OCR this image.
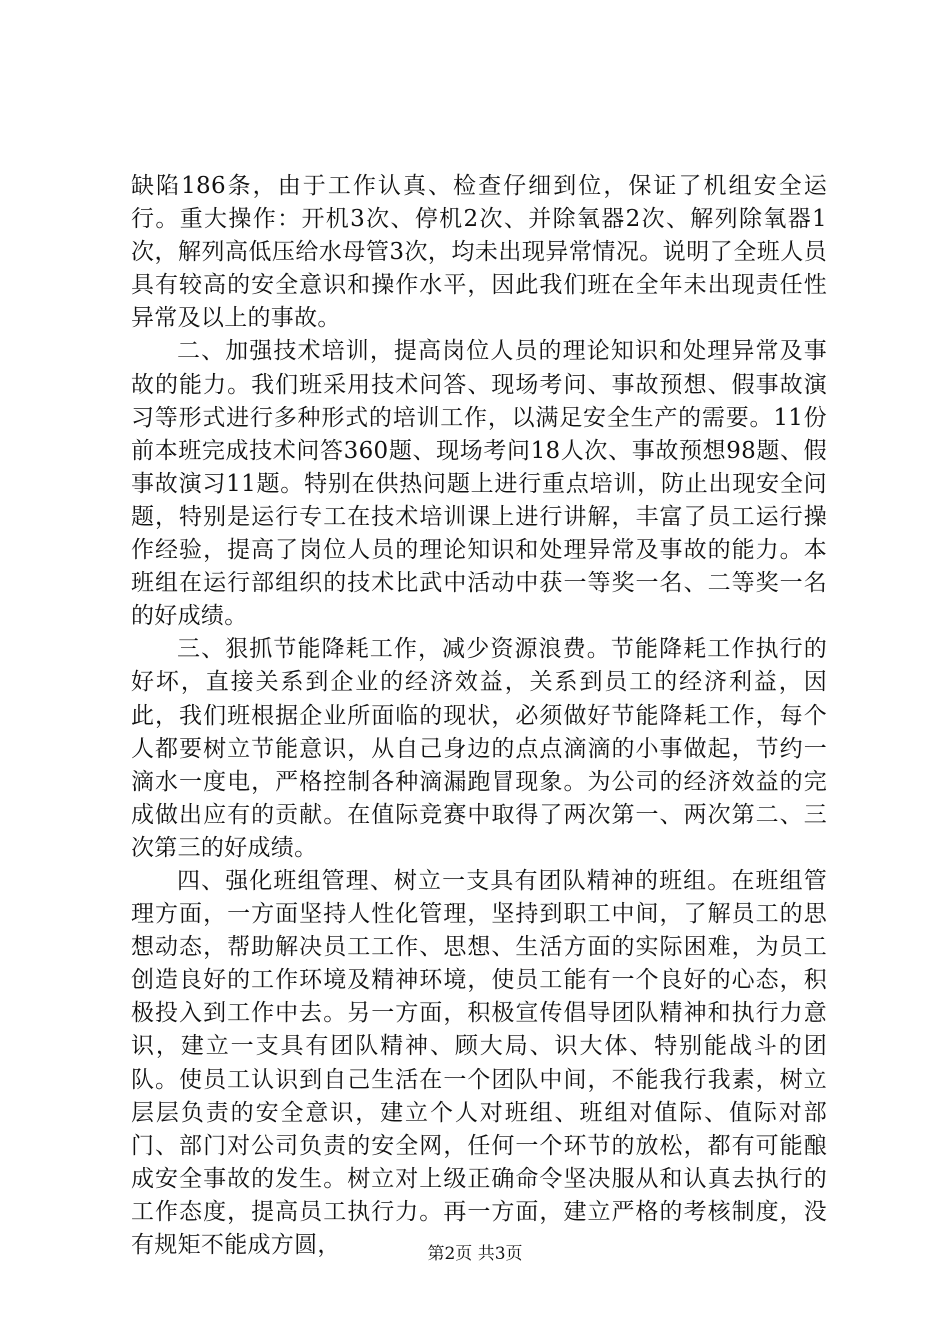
缺陷186条，由于工作认真、检查仔细到位，保证了机组安全运行。重大操作：开机3次、停机2次、并除氧器2次、解列除氧器1次，解列高低压给水母管3次，均未出现异常情况。说明了全班人员具有较高的安全意识和操作水平，因此我们班在全年未出现责任性异常及以上的事故。

二、加强技术培训，提高岗位人员的理论知识和处理异常及事故的能力。我们班采用技术问答、现场考问、事故预想、假事故演习等形式进行多种形式的培训工作，以满足安全生产的需要。11份前本班完成技术问答360题、现场考问18人次、事故预想98题、假事故演习11题。特别在供热问题上进行重点培训，防止出现安全问题，特别是运行专工在技术培训课上进行讲解，丰富了员工运行操作经验，提高了岗位人员的理论知识和处理异常及事故的能力。本班组在运行部组织的技术比武中活动中获一等奖一名、二等奖一名的好成绩。

三、狠抓节能降耗工作，减少资源浪费。节能降耗工作执行的好坏，直接关系到企业的经济效益，关系到员工的经济利益，因此，我们班根据企业所面临的现状，必须做好节能降耗工作，每个人都要树立节能意识，从自己身边的点点滴滴的小事做起，节约一滴水一度电，严格控制各种滴漏跑冒现象。为公司的经济效益的完成做出应有的贡献。在值际竞赛中取得了两次第一、两次第二、三次第三的好成绩。

四、强化班组管理、树立一支具有团队精神的班组。在班组管理方面，一方面坚持人性化管理，坚持到职工中间，了解员工的思想动态，帮助解决员工工作、思想、生活方面的实际困难，为员工创造良好的工作环境及精神环境，使员工能有一个良好的心态，积极投入到工作中去。另一方面，积极宣传倡导团队精神和执行力意识，建立一支具有团队精神、顾大局、识大体、特别能战斗的团队。使员工认识到自己生活在一个团队中间，不能我行我素，树立层层负责的安全意识，建立个人对班组、班组对值际、值际对部门、部门对公司负责的安全网，任何一个环节的放松，都有可能酿成安全事故的发生。树立对上级正确命令坚决服从和认真去执行的工作态度，提高员工执行力。再一方面，建立严格的考核制度，没有规矩不能成方圆，	第2页 共3页
